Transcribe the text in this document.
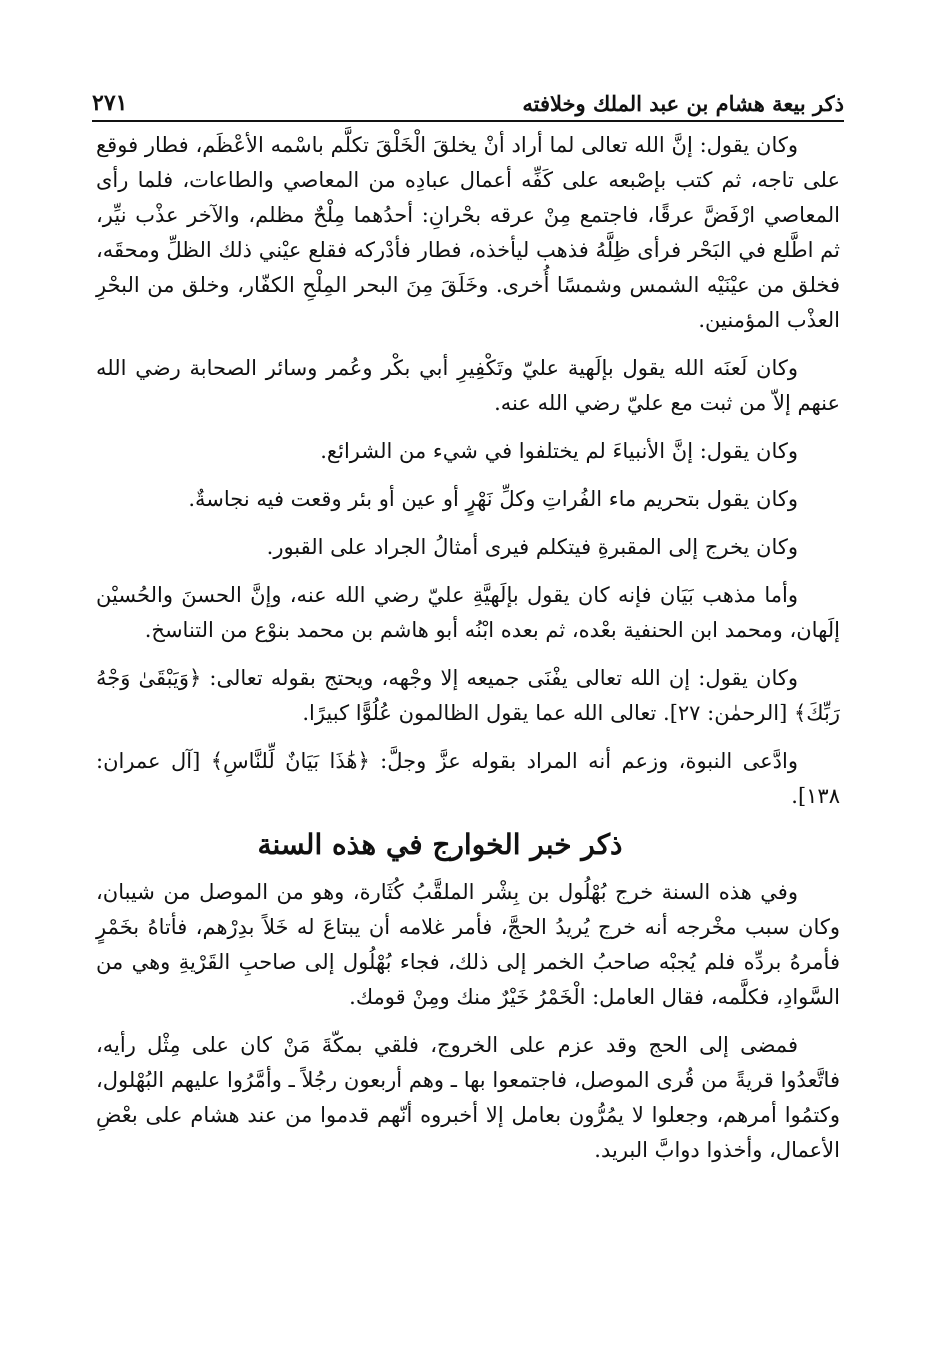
ذكر بيعة هشام بن عبد الملك وخلافته
٢٧١

وكان يقول: إنَّ الله تعالى لما أراد أنْ يخلقَ الْخَلْقَ تكلَّم باسْمه الأعْظَم، فطار فوقع على تاجه، ثم كتب بإصْبعه على كَفِّه أعمال عبادِه من المعاصي والطاعات، فلما رأى المعاصي ارْفَضَّ عرقًا، فاجتمع مِنْ عرقه بحْرانِ: أحدُهما مِلْحٌ مظلم، والآخر عذْب نيِّر، ثم اطَّلع في البَحْر فرأى ظِلَّهُ فذهب ليأخذه، فطار فأدْركه فقلع عيْني ذلك الظلِّ ومحقَه، فخلق من عيْنَيْه الشمس وشمسًا أُخرى. وخَلَقَ مِنَ البحر المِلْحِ الكفّار، وخلق من البحْرِ العذْب المؤمنين.

وكان لَعنَه الله يقول بإلَهية عليّ وتَكْفِيرِ أبي بكْر وعُمر وسائر الصحابة رضي الله عنهم إلاّ من ثبت مع عليّ رضي الله عنه.

وكان يقول: إنَّ الأنبياءَ لم يختلفوا في شيء من الشرائع.

وكان يقول بتحريم ماء الفُراتِ وكلِّ نَهْرٍ أو عين أو بئر وقعت فيه نجاسةٌ.

وكان يخرج إلى المقبرةِ فيتكلم فيرى أمثالُ الجراد على القبور.

وأما مذهب بَيَان فإنه كان يقول بإلَهيَّةِ عليّ رضي الله عنه، وإنَّ الحسنَ والحُسيْن إلَهان، ومحمد ابن الحنفية بعْده، ثم بعده ابْنُه أبو هاشم بن محمد بنوْع من التناسخ.

وكان يقول: إن الله تعالى يفْنَى جميعه إلا وجْهه، ويحتج بقوله تعالى: ﴿وَيَبْقَىٰ وَجْهُ رَبِّكَ﴾ [الرحمٰن: ٢٧]. تعالى الله عما يقول الظالمون عُلُوًّا كبيرًا.

وادَّعى النبوة، وزعم أنه المراد بقوله عزَّ وجلَّ: ﴿هَٰذَا بَيَانٌ لِّلنَّاسِ﴾ [آل عمران: ١٣٨].

ذكر خبر الخوارج في هذه السنة

وفي هذه السنة خرج بُهْلُول بن بِشْر الملقَّبُ كُثَارة، وهو من الموصل من شيبان، وكان سبب مخْرجه أنه خرج يُريدُ الحجَّ، فأمر غلامه أن يبتاعَ له خَلاً بدِرْهم، فأتاهُ بخَمْرٍ فأمرهُ بردِّه فلم يُجبْه صاحبُ الخمر إلى ذلك، فجاء بُهْلُول إلى صاحبِ القَرْيةِ وهي من السَّوادِ، فكلَّمه، فقال العامل: الْخَمْرُ خَيْرٌ منك ومِنْ قومك.

فمضى إلى الحج وقد عزم على الخروج، فلقي بمكّةَ مَنْ كان على مِثْل رأيه، فاتَّعدُوا قريةً من قُرى الموصل، فاجتمعوا بها ـ وهم أربعون رجُلاً ـ وأمَّرُوا عليهم البُهْلول، وكتمُوا أمرهم، وجعلوا لا يمُرُّون بعامل إلا أخبروه أنّهم قدموا من عند هشام على بعْضِ الأعمال، وأخذوا دوابَّ البريد.
